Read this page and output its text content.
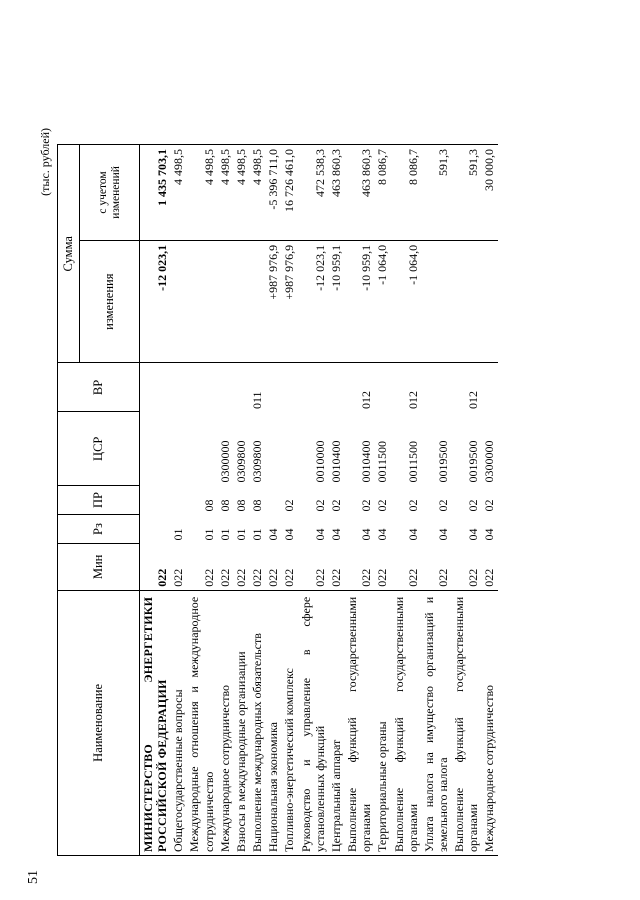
51
(тыс. рублей)
Наименование	Мин	Рз	ПР	ЦСР	ВР	Сумма	
						изменения	с учетом изменений
МИНИСТЕРСТВО ЭНЕРГЕТИКИ РОССИЙСКОЙ ФЕДЕРАЦИИ	022					-12 023,1	1 435 703,1
Общегосударственные вопросы	022	01					4 498,5
Международные отношения и международное сотрудничество	022	01	08				4 498,5
Международное сотрудничество	022	01	08	0300000			4 498,5
Взносы в международные организации	022	01	08	0309800			4 498,5
Выполнение международных обязательств	022	01	08	0309800	011		4 498,5
Национальная экономика	022	04				+987 976,9	-5 396 711,0
Топливно-энергетический комплекс	022	04	02			+987 976,9	16 726 461,0
Руководство и управление в сфере установленных функций	022	04	02	0010000		-12 023,1	472 538,3
Центральный аппарат	022	04	02	0010400		-10 959,1	463 860,3
Выполнение функций государственными органами	022	04	02	0010400	012	-10 959,1	463 860,3
Территориальные органы	022	04	02	0011500		-1 064,0	8 086,7
Выполнение функций государственными органами	022	04	02	0011500	012	-1 064,0	8 086,7
Уплата налога на имущество организаций и земельного налога	022	04	02	0019500			591,3
Выполнение функций государственными органами	022	04	02	0019500	012		591,3
Международное сотрудничество	022	04	02	0300000			30 000,0
